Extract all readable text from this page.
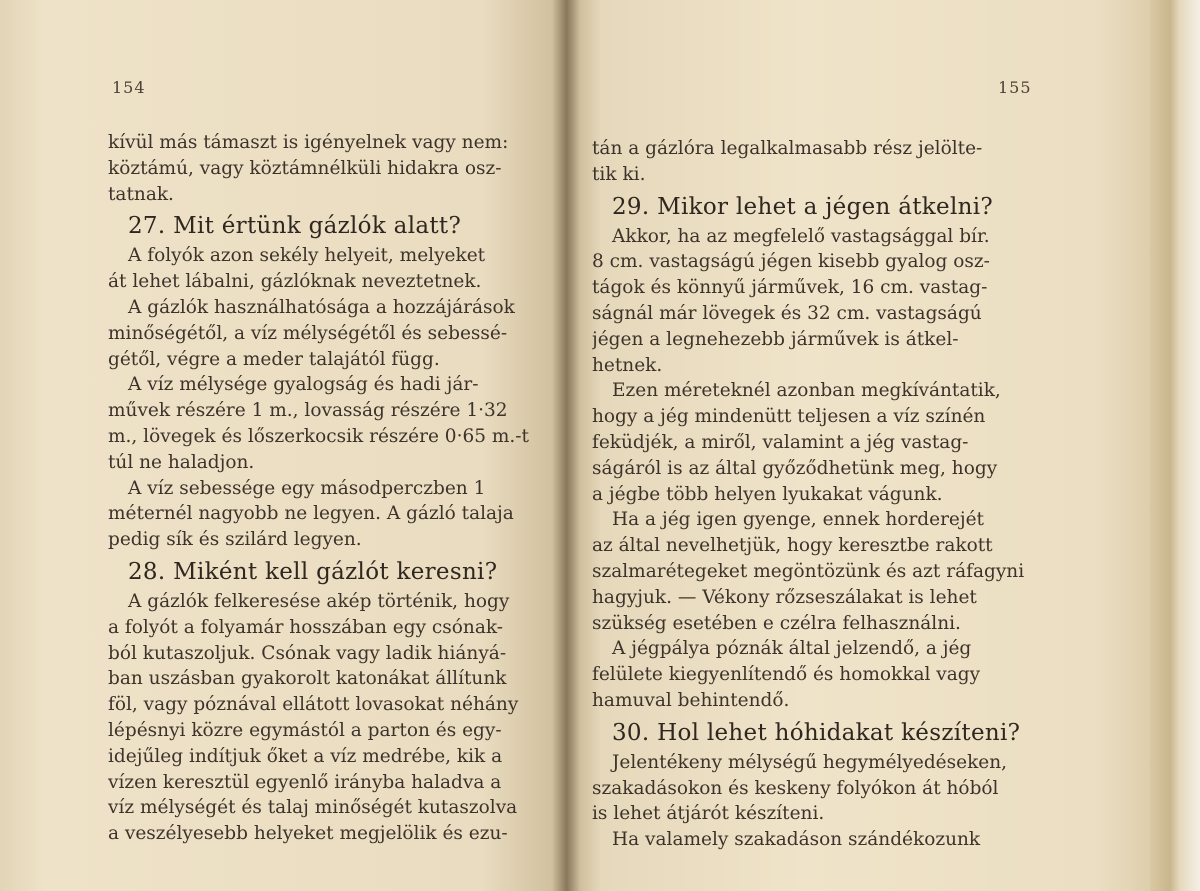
154
kívül más támaszt is igényelnek vagy nem:
köztámú, vagy köztámnélküli hidakra osz-
tatnak.
27. Mit értünk gázlók alatt?
A folyók azon sekély helyeit, melyeket
át lehet lábalni, gázlóknak neveztetnek.
A gázlók használhatósága a hozzájárások
minőségétől, a víz mélységétől és sebessé-
gétől, végre a meder talajától függ.
A víz mélysége gyalogság és hadi jár-
művek részére 1 m., lovasság részére 1·32
m., lövegek és lőszerkocsik részére 0·65 m.-t
túl ne haladjon.
A víz sebessége egy másodperczben 1
méternél nagyobb ne legyen. A gázló talaja
pedig sík és szilárd legyen.
28. Miként kell gázlót keresni?
A gázlók felkeresése akép történik, hogy
a folyót a folyamár hosszában egy csónak-
ból kutaszoljuk. Csónak vagy ladik hiányá-
ban uszásban gyakorolt katonákat állítunk
föl, vagy póznával ellátott lovasokat néhány
lépésnyi közre egymástól a parton és egy-
idejűleg indítjuk őket a víz medrébe, kik a
vízen keresztül egyenlő irányba haladva a
víz mélységét és talaj minőségét kutaszolva
a veszélyesebb helyeket megjelölik és ezu-
155
tán a gázlóra legalkalmasabb rész jelölte-
tik ki.
29. Mikor lehet a jégen átkelni?
Akkor, ha az megfelelő vastagsággal bír.
8 cm. vastagságú jégen kisebb gyalog osz-
tágok és könnyű járművek, 16 cm. vastag-
ságnál már lövegek és 32 cm. vastagságú
jégen a legnehezebb járművek is átkel-
hetnek.
Ezen méreteknél azonban megkívántatik,
hogy a jég mindenütt teljesen a víz színén
feküdjék, a miről, valamint a jég vastag-
ságáról is az által győződhetünk meg, hogy
a jégbe több helyen lyukakat vágunk.
Ha a jég igen gyenge, ennek horderejét
az által nevelhetjük, hogy keresztbe rakott
szalmarétegeket megöntözünk és azt ráfagyni
hagyjuk. — Vékony rőzseszálakat is lehet
szükség esetében e czélra felhasználni.
A jégpálya póznák által jelzendő, a jég
felülete kiegyenlítendő és homokkal vagy
hamuval behintendő.
30. Hol lehet hóhidakat készíteni?
Jelentékeny mélységű hegymélyedéseken,
szakadásokon és keskeny folyókon át hóból
is lehet átjárót készíteni.
Ha valamely szakadáson szándékozunk
